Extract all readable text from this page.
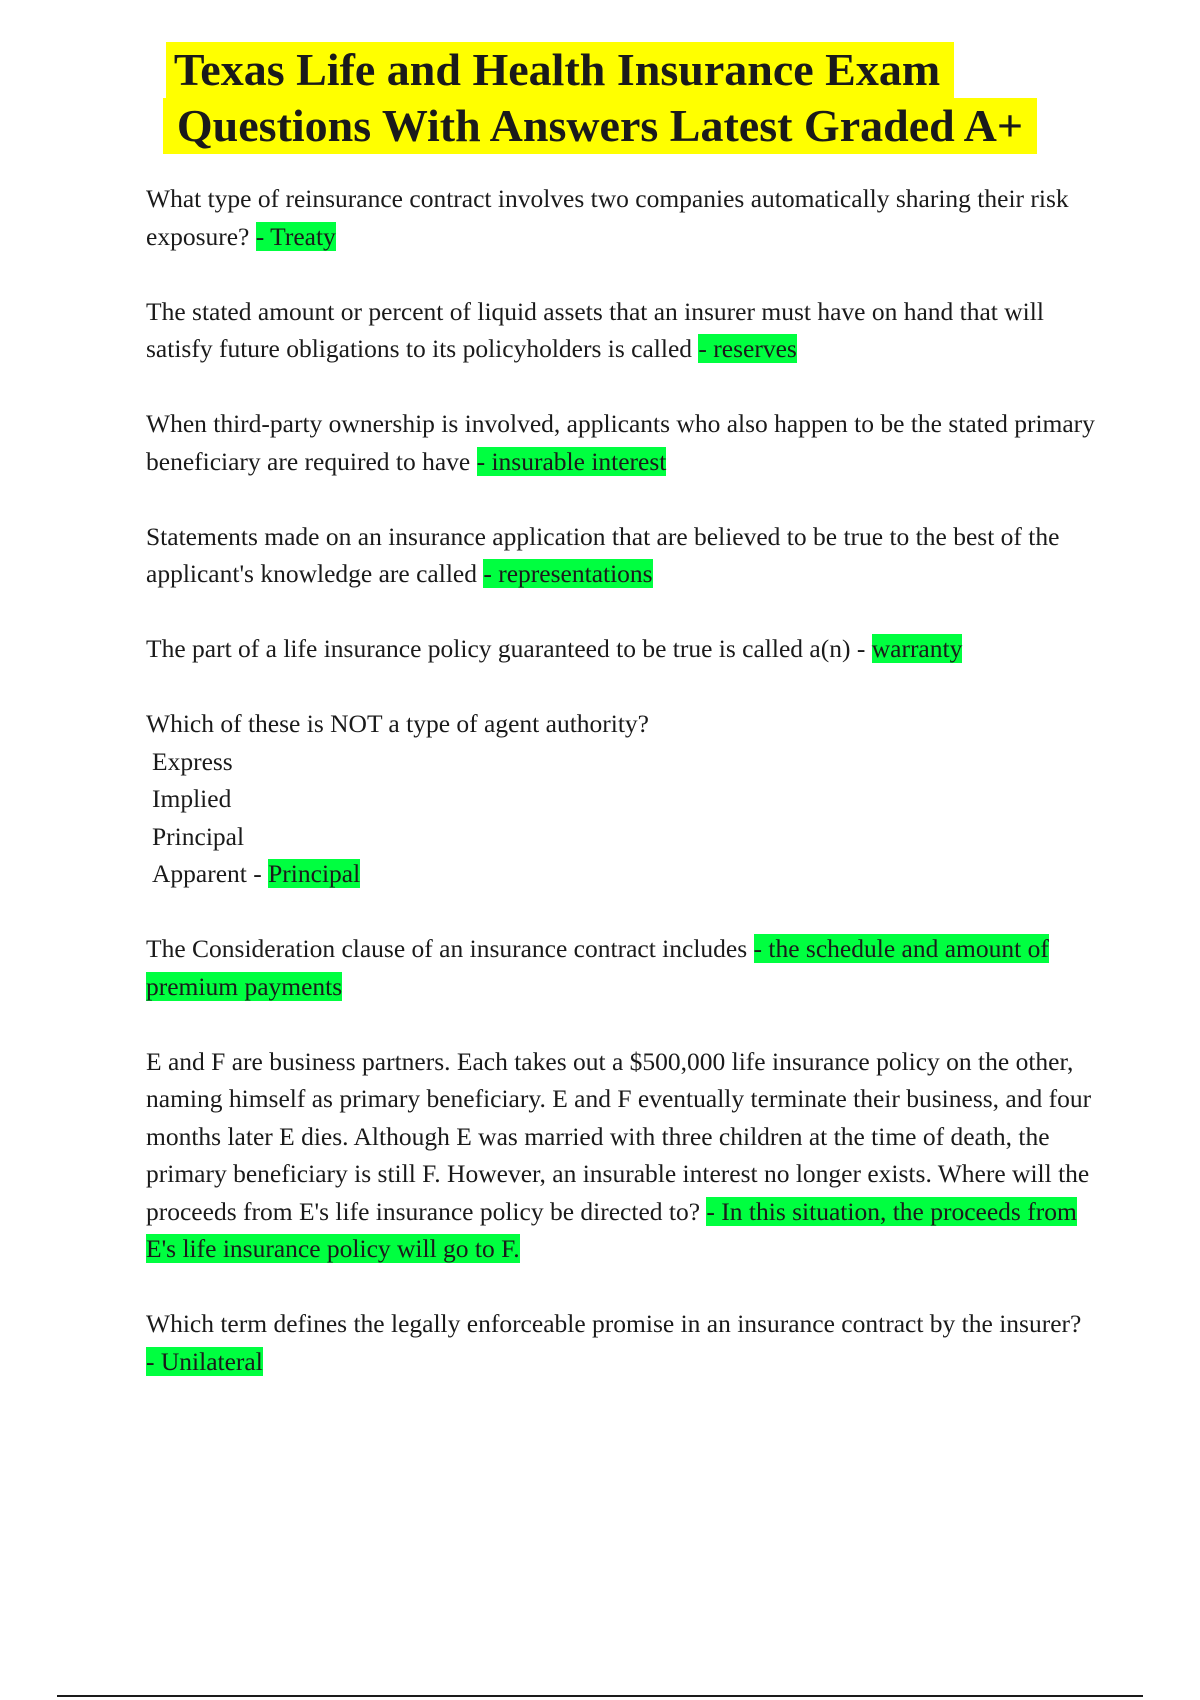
Texas Life and Health Insurance Exam
Questions With Answers Latest Graded A+

What type of reinsurance contract involves two companies automatically sharing their risk exposure? - Treaty

The stated amount or percent of liquid assets that an insurer must have on hand that will satisfy future obligations to its policyholders is called - reserves

When third-party ownership is involved, applicants who also happen to be the stated primary beneficiary are required to have - insurable interest

Statements made on an insurance application that are believed to be true to the best of the applicant's knowledge are called - representations

The part of a life insurance policy guaranteed to be true is called a(n) - warranty

Which of these is NOT a type of agent authority?
Express
Implied
Principal
Apparent - Principal

The Consideration clause of an insurance contract includes - the schedule and amount of premium payments

E and F are business partners. Each takes out a $500,000 life insurance policy on the other, naming himself as primary beneficiary. E and F eventually terminate their business, and four months later E dies. Although E was married with three children at the time of death, the primary beneficiary is still F. However, an insurable interest no longer exists. Where will the proceeds from E's life insurance policy be directed to? - In this situation, the proceeds from E's life insurance policy will go to F.

Which term defines the legally enforceable promise in an insurance contract by the insurer? - Unilateral
